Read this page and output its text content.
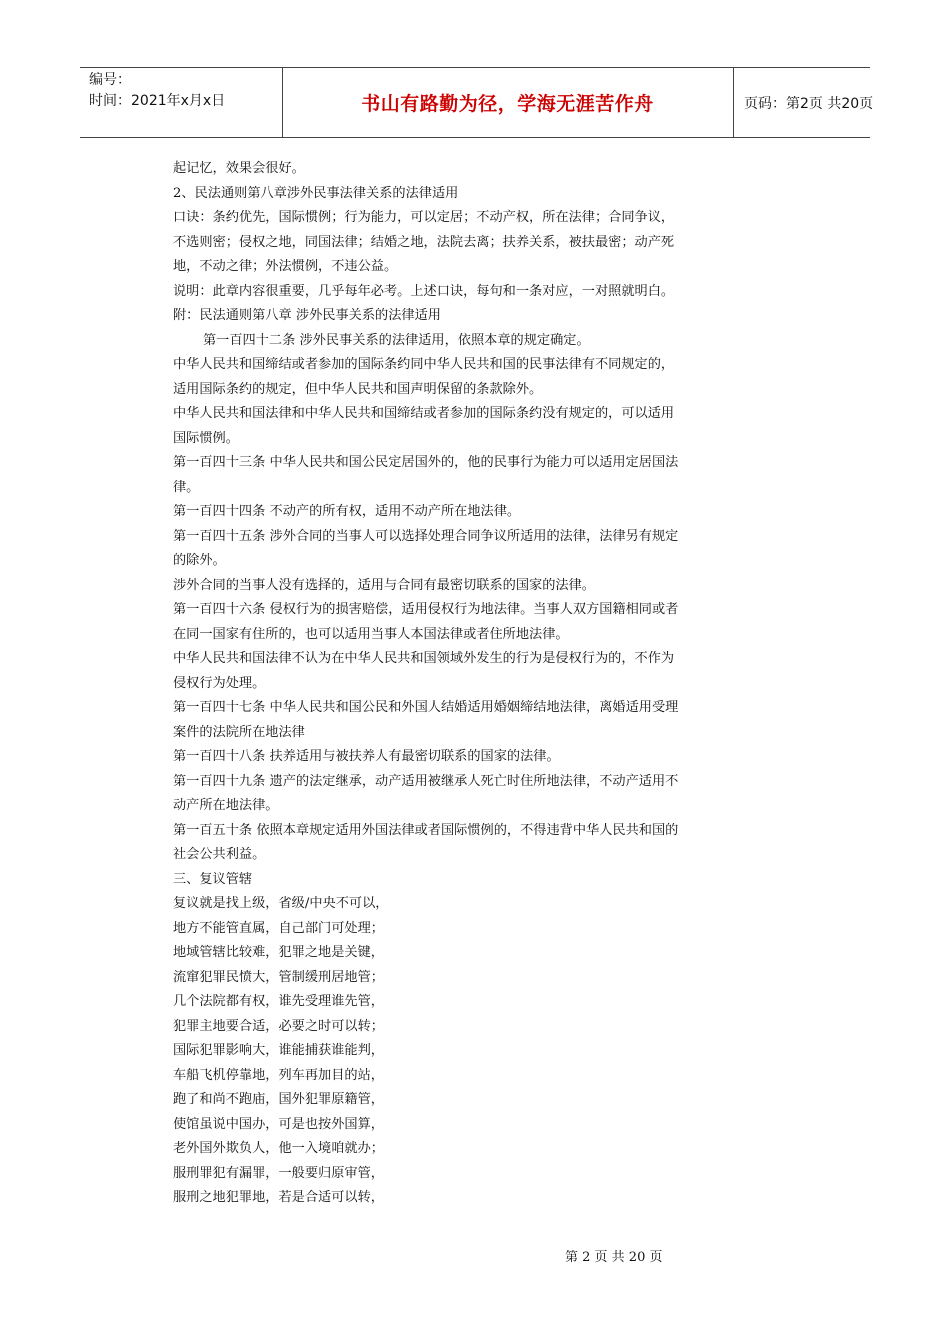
编号：
时间：2021年x月x日	书山有路勤为径，学海无涯苦作舟	页码：第2页 共20页
起记忆，效果会很好。
2、民法通则第八章涉外民事法律关系的法律适用
口诀：条约优先，国际惯例；行为能力，可以定居；不动产权，所在法律；合同争议，
不选则密；侵权之地，同国法律；结婚之地，法院去离；扶养关系，被扶最密；动产死
地，不动之律；外法惯例，不违公益。
说明：此章内容很重要，几乎每年必考。上述口诀，每句和一条对应，一对照就明白。
附：民法通则第八章 涉外民事关系的法律适用
第一百四十二条 涉外民事关系的法律适用，依照本章的规定确定。
中华人民共和国缔结或者参加的国际条约同中华人民共和国的民事法律有不同规定的，
适用国际条约的规定，但中华人民共和国声明保留的条款除外。
中华人民共和国法律和中华人民共和国缔结或者参加的国际条约没有规定的，可以适用
国际惯例。
第一百四十三条 中华人民共和国公民定居国外的，他的民事行为能力可以适用定居国法
律。
第一百四十四条 不动产的所有权，适用不动产所在地法律。
第一百四十五条 涉外合同的当事人可以选择处理合同争议所适用的法律，法律另有规定
的除外。
涉外合同的当事人没有选择的，适用与合同有最密切联系的国家的法律。
第一百四十六条 侵权行为的损害赔偿，适用侵权行为地法律。当事人双方国籍相同或者
在同一国家有住所的，也可以适用当事人本国法律或者住所地法律。
中华人民共和国法律不认为在中华人民共和国领域外发生的行为是侵权行为的，不作为
侵权行为处理。
第一百四十七条 中华人民共和国公民和外国人结婚适用婚姻缔结地法律，离婚适用受理
案件的法院所在地法律
第一百四十八条 扶养适用与被扶养人有最密切联系的国家的法律。
第一百四十九条 遗产的法定继承，动产适用被继承人死亡时住所地法律，不动产适用不
动产所在地法律。
第一百五十条 依照本章规定适用外国法律或者国际惯例的，不得违背中华人民共和国的
社会公共利益。
三、复议管辖
复议就是找上级，省级/中央不可以，
地方不能管直属，自己部门可处理；
地域管辖比较难，犯罪之地是关键，
流窜犯罪民愤大，管制缓刑居地管；
几个法院都有权，谁先受理谁先管，
犯罪主地要合适，必要之时可以转；
国际犯罪影响大，谁能捕获谁能判，
车船飞机停靠地，列车再加目的站，
跑了和尚不跑庙，国外犯罪原籍管，
使馆虽说中国办，可是也按外国算，
老外国外欺负人，他一入境咱就办；
服刑罪犯有漏罪，一般要归原审管，
服刑之地犯罪地，若是合适可以转，
第 2 页 共 20 页
